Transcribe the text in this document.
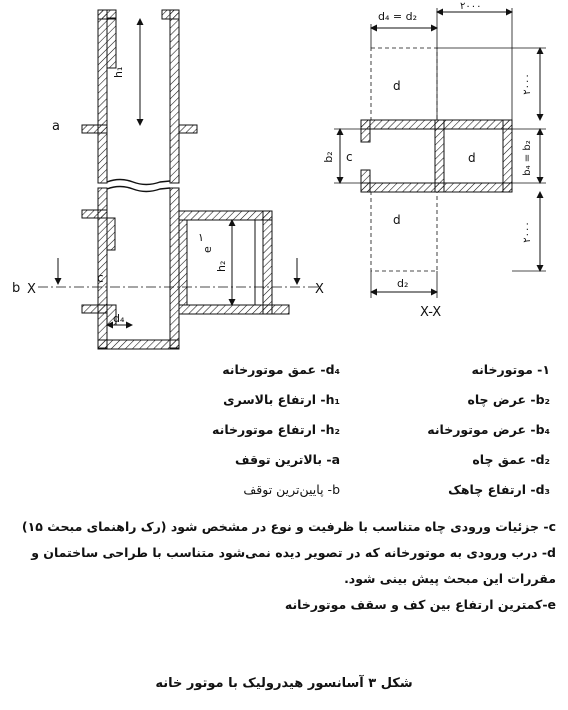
h₁
a
b X	X
c
e
١
h₂
d₄
d₄ = d₂
۲۰۰۰
۲۰۰۰
b₄ = b₂
۲۰۰۰
b₂ c
d
d
d
d₂
X-X
١- موتورخانه
b₂- عرض چاه
b₄- عرض موتورخانه
d₂- عمق چاه
d₃- ارتفاع چاهک
d₄- عمق موتورخانه
h₁- ارتفاع بالاسری
h₂- ارتفاع موتورخانه
a- بالاترین توقف
b- پایین‌ترین توقف

c- جزئیات ورودی چاه متناسب با ظرفیت و نوع در مشخص شود (رک راهنمای مبحث ۱۵)

d- درب ورودی به موتورخانه که در تصویر دیده نمی‌شود متناسب با طراحی ساختمان و مقررات این مبحث پیش بینی شود.

e-کمترین ارتفاع بین کف و سقف موتورخانه

شکل ۳ آسانسور هیدرولیک با موتور خانه
